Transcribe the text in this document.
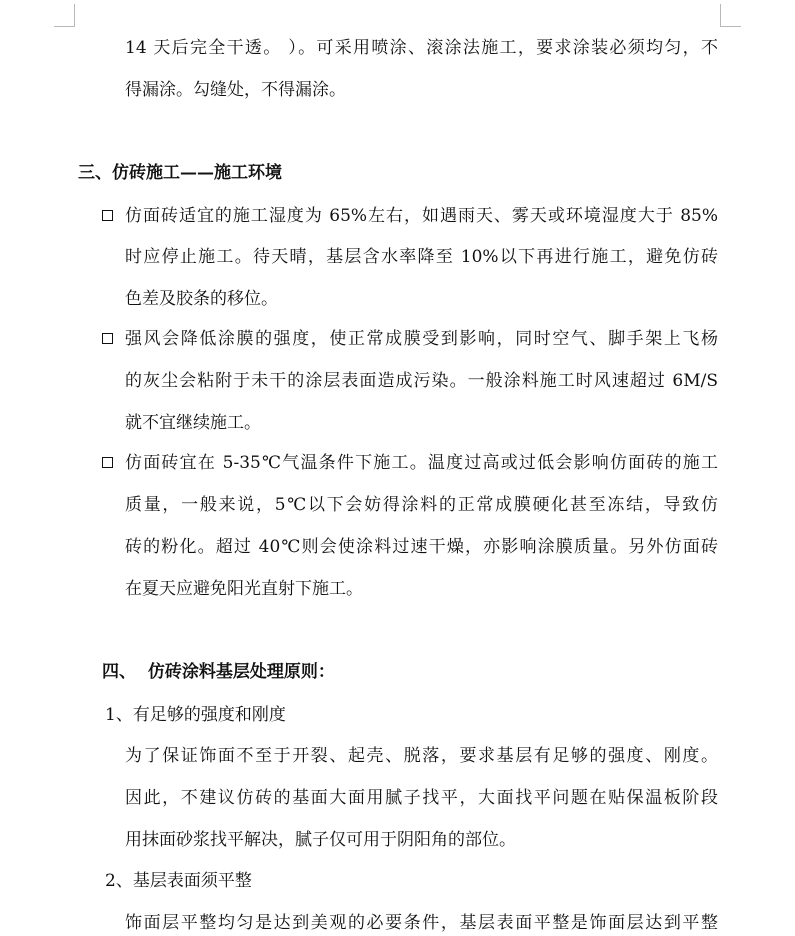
14 天后完全干透。 ）。可采用喷涂、滚涂法施工，要求涂装必须均匀，不
得漏涂。勾缝处，不得漏涂。
三、仿砖施工——施工环境
仿面砖适宜的施工湿度为 65%左右，如遇雨天、雾天或环境湿度大于 85%
时应停止施工。待天晴，基层含水率降至 10%以下再进行施工，避免仿砖
色差及胶条的移位。
强风会降低涂膜的强度，使正常成膜受到影响，同时空气、脚手架上飞杨
的灰尘会粘附于未干的涂层表面造成污染。一般涂料施工时风速超过 6M/S
就不宜继续施工。
仿面砖宜在 5-35℃气温条件下施工。温度过高或过低会影响仿面砖的施工
质量，一般来说，5℃以下会妨得涂料的正常成膜硬化甚至冻结，导致仿
砖的粉化。超过 40℃则会使涂料过速干燥，亦影响涂膜质量。另外仿面砖
在夏天应避免阳光直射下施工。
四、  仿砖涂料基层处理原则：
1、有足够的强度和刚度
为了保证饰面不至于开裂、起壳、脱落，要求基层有足够的强度、刚度。
因此，不建议仿砖的基面大面用腻子找平，大面找平问题在贴保温板阶段
用抹面砂浆找平解决，腻子仅可用于阴阳角的部位。
2、基层表面须平整
饰面层平整均匀是达到美观的必要条件，基层表面平整是饰面层达到平整
